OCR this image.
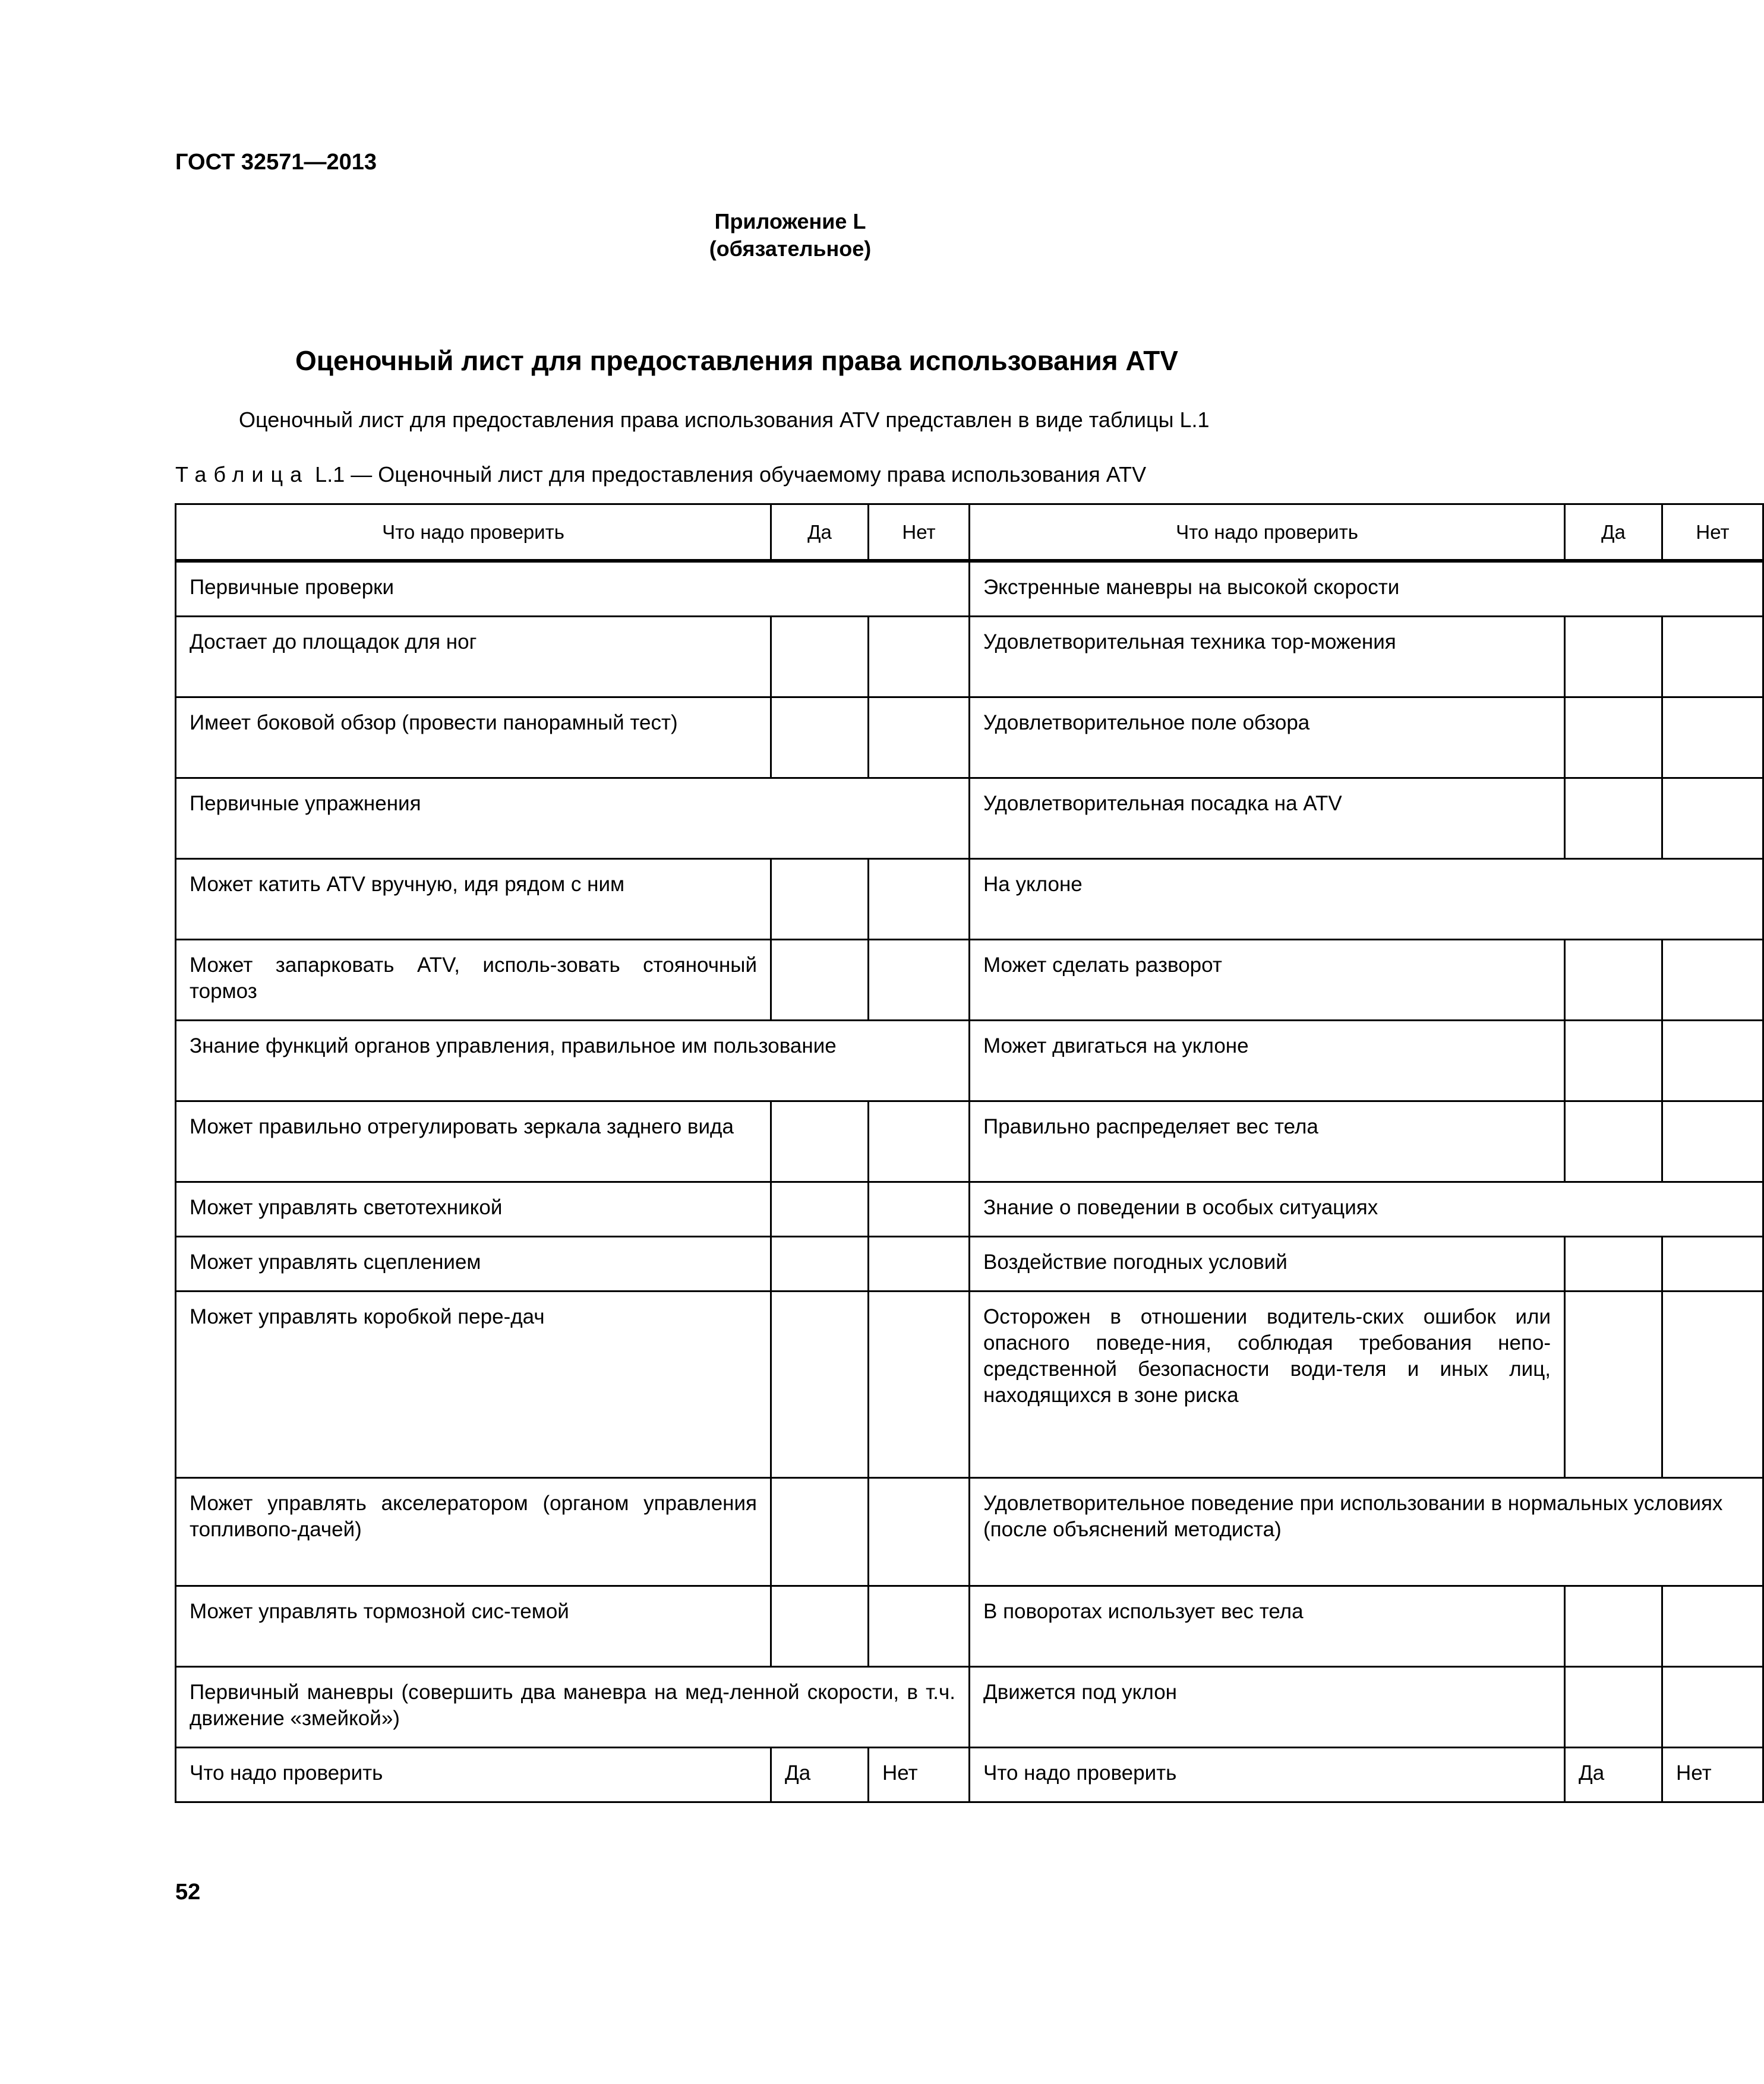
ГОСТ 32571—2013
Приложение L
(обязательное)
Оценочный лист для предоставления права использования ATV
Оценочный лист для предоставления права использования ATV представлен в виде таблицы L.1
Таблица L.1 — Оценочный лист для предоставления обучаемому права использования ATV
Что надо проверить	Да	Нет	Что надо проверить	Да	Нет

Первичные проверки			Экстренные маневры на высокой скорости		
Достает до площадок для ног			Удовлетворительная техника тор-можения		
Имеет боковой обзор (провести панорамный тест)			Удовлетворительное поле обзора		
Первичные упражнения			Удовлетворительная посадка на ATV		
Может катить ATV вручную, идя рядом с ним			На уклоне		
Может запарковать ATV, исполь-зовать стояночный тормоз			Может сделать разворот		
Знание функций органов управления, правильное им пользование			Может двигаться на уклоне		
Может правильно отрегулировать зеркала заднего вида			Правильно распределяет вес тела		
Может управлять светотехникой			Знание о поведении в особых ситуациях		
Может управлять сцеплением			Воздействие погодных условий		
Может управлять коробкой пере-дач			Осторожен в отношении водитель-ских ошибок или опасного поведе-ния, соблюдая требования непо-средственной безопасности води-теля и иных лиц, находящихся в зоне риска		
Может управлять акселератором (органом управления топливопо-дачей)			Удовлетворительное поведение при использовании в нормальных условиях (после объяснений методиста)		
Может управлять тормозной сис-темой			В поворотах использует вес тела		
Первичный маневры (совершить два маневра на мед-ленной скорости, в т.ч. движение «змейкой»)			Движется под уклон		
Что надо проверить	Да	Нет	Что надо проверить	Да	Нет
52
